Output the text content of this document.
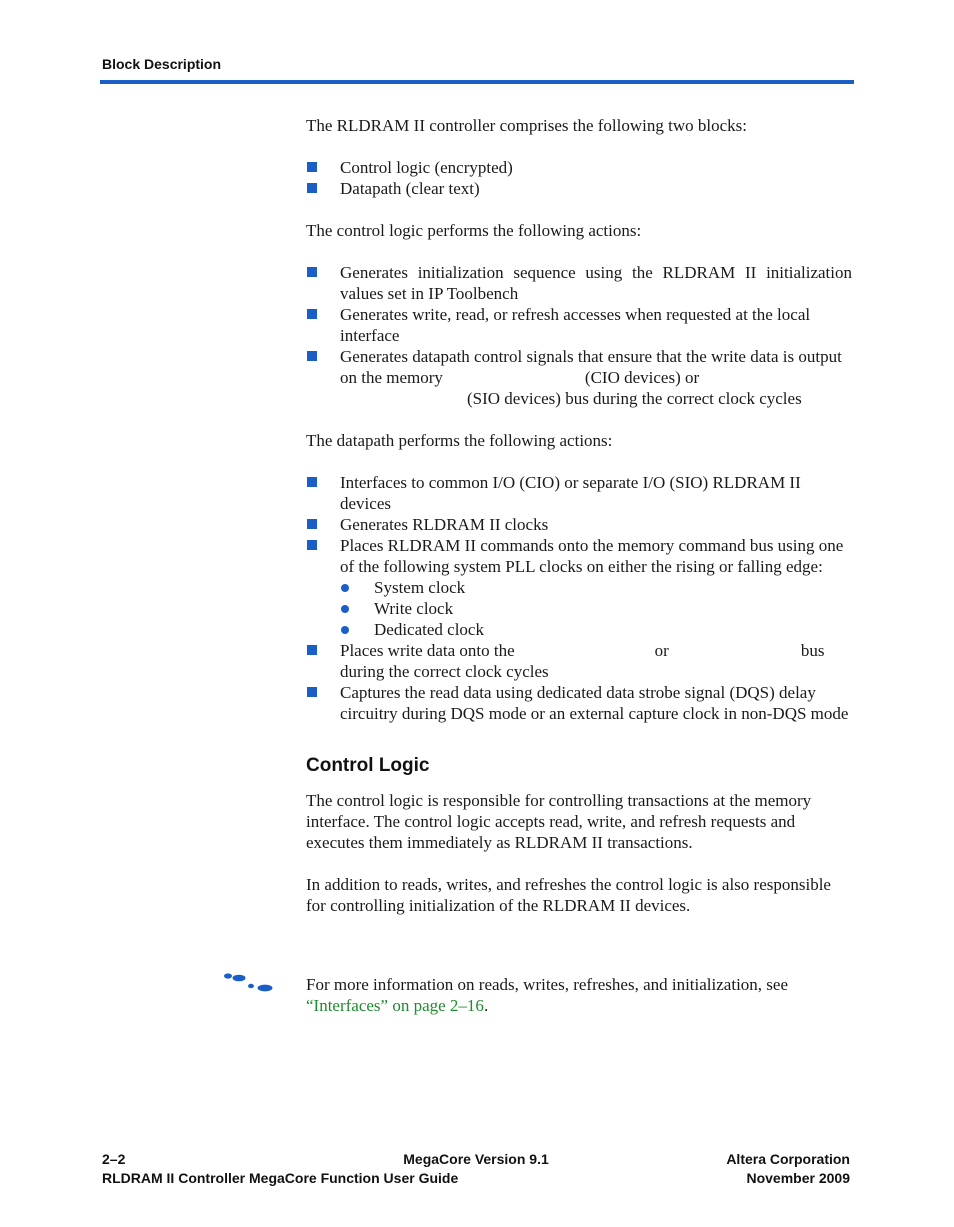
Block Description

The RLDRAM II controller comprises the following two blocks:

Control logic (encrypted)
Datapath (clear text)

The control logic performs the following actions:

Generates initialization sequence using the RLDRAM II initialization values set in IP Toolbench
Generates write, read, or refresh accesses when requested at the local interface
Generates datapath control signals that ensure that the write data is output on the memory	(CIO devices) or
(SIO devices) bus during the correct clock cycles

The datapath performs the following actions:

Interfaces to common I/O (CIO) or separate I/O (SIO) RLDRAM II devices
Generates RLDRAM II clocks
Places RLDRAM II commands onto the memory command bus using one of the following system PLL clocks on either the rising or falling edge:
System clock
Write clock
Dedicated clock
Places write data onto the	or	bus
during the correct clock cycles
Captures the read data using dedicated data strobe signal (DQS) delay circuitry during DQS mode or an external capture clock in non-DQS mode
Control Logic

The control logic is responsible for controlling transactions at the memory interface. The control logic accepts read, write, and refresh requests and executes them immediately as RLDRAM II transactions.

In addition to reads, writes, and refreshes the control logic is also responsible for controlling initialization of the RLDRAM II devices.

For more information on reads, writes, refreshes, and initialization, see “Interfaces” on page 2–16.
2–2	MegaCore Version 9.1	Altera Corporation
RLDRAM II Controller MegaCore Function User Guide	November 2009
